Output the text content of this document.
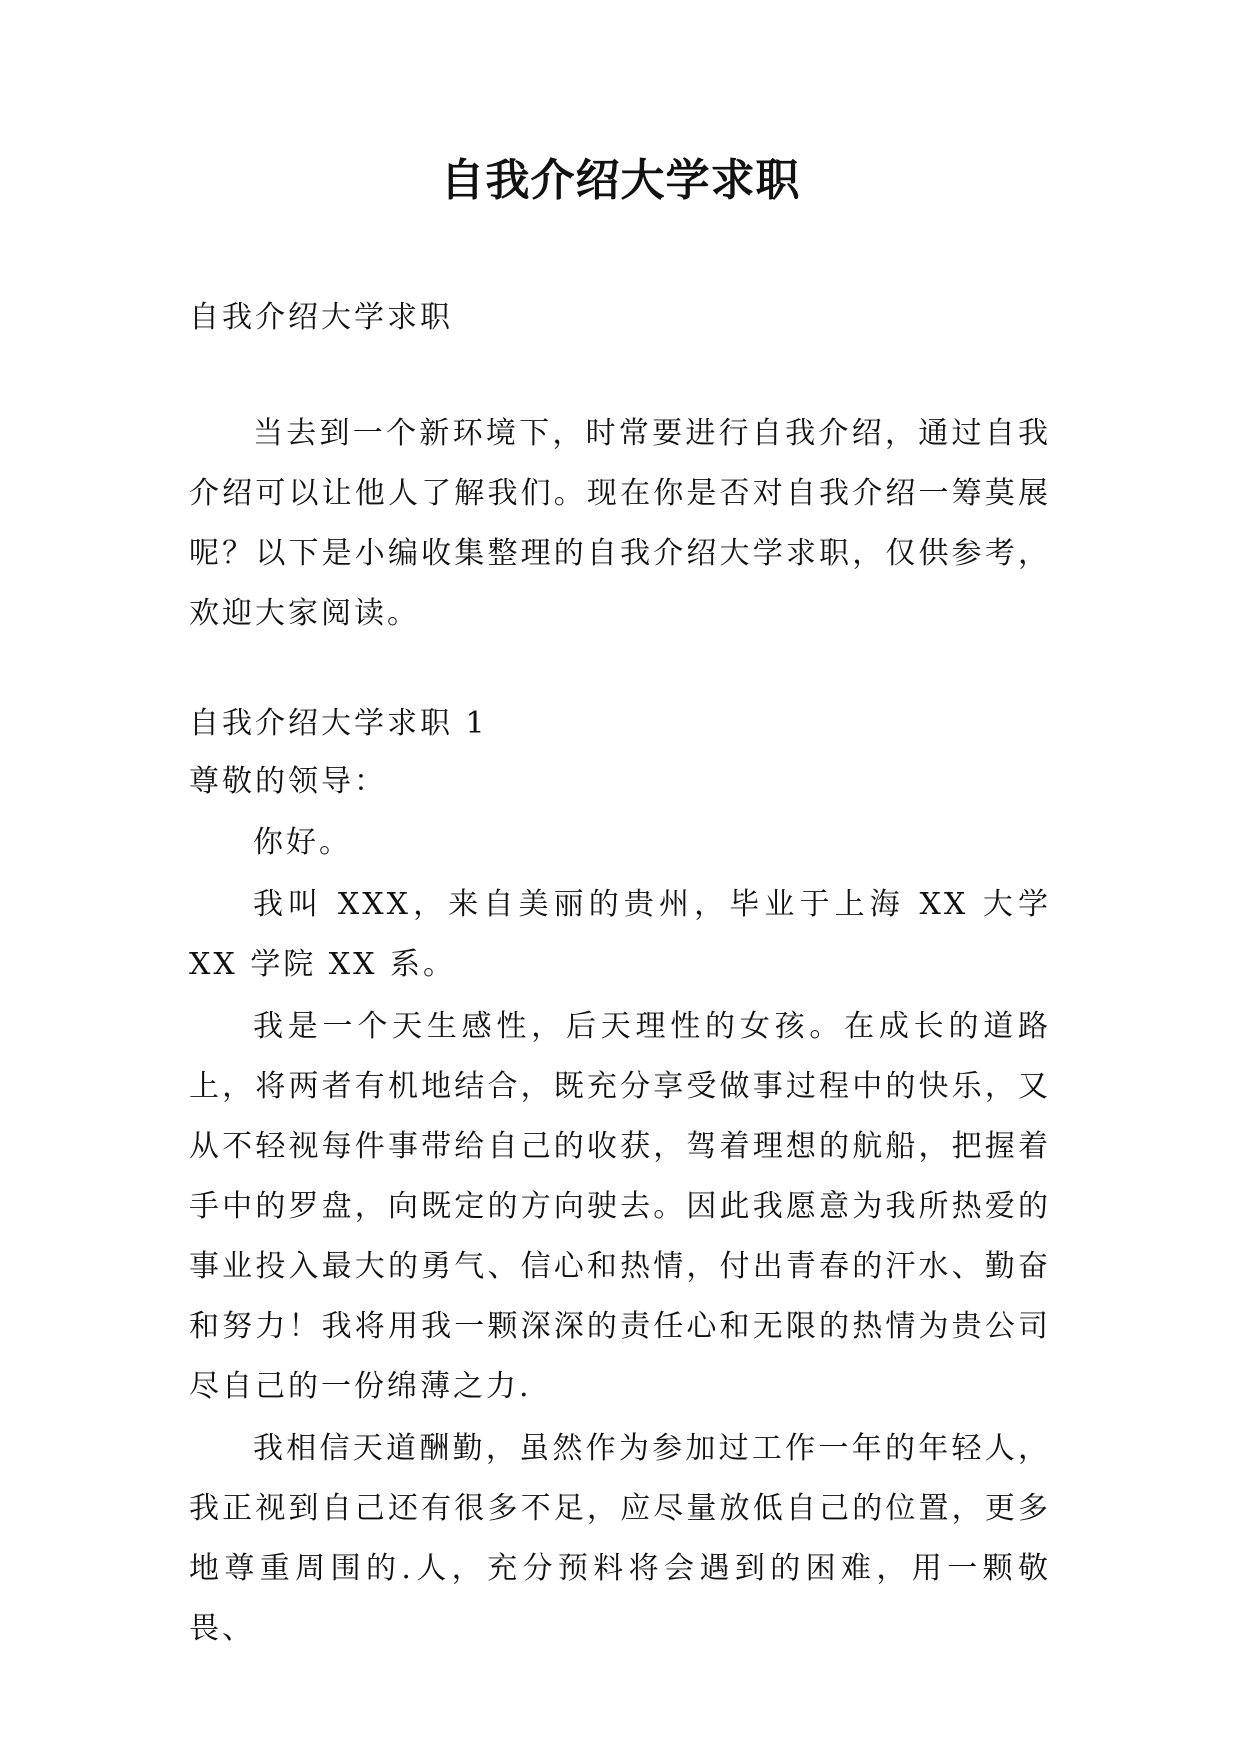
自我介绍大学求职
自我介绍大学求职
当去到一个新环境下，时常要进行自我介绍，通过自我介绍可以让他人了解我们。现在你是否对自我介绍一筹莫展呢？以下是小编收集整理的自我介绍大学求职，仅供参考，欢迎大家阅读。
自我介绍大学求职 1
尊敬的领导：
你好。
我叫 XXX，来自美丽的贵州，毕业于上海 XX 大学 XX 学院 XX 系。
我是一个天生感性，后天理性的女孩。在成长的道路上，将两者有机地结合，既充分享受做事过程中的快乐，又从不轻视每件事带给自己的收获，驾着理想的航船，把握着手中的罗盘，向既定的方向驶去。因此我愿意为我所热爱的事业投入最大的勇气、信心和热情，付出青春的汗水、勤奋和努力！我将用我一颗深深的责任心和无限的热情为贵公司尽自己的一份绵薄之力.
我相信天道酬勤，虽然作为参加过工作一年的年轻人，我正视到自己还有很多不足，应尽量放低自己的位置，更多地尊重周围的.人，充分预料将会遇到的困难，用一颗敬畏、
